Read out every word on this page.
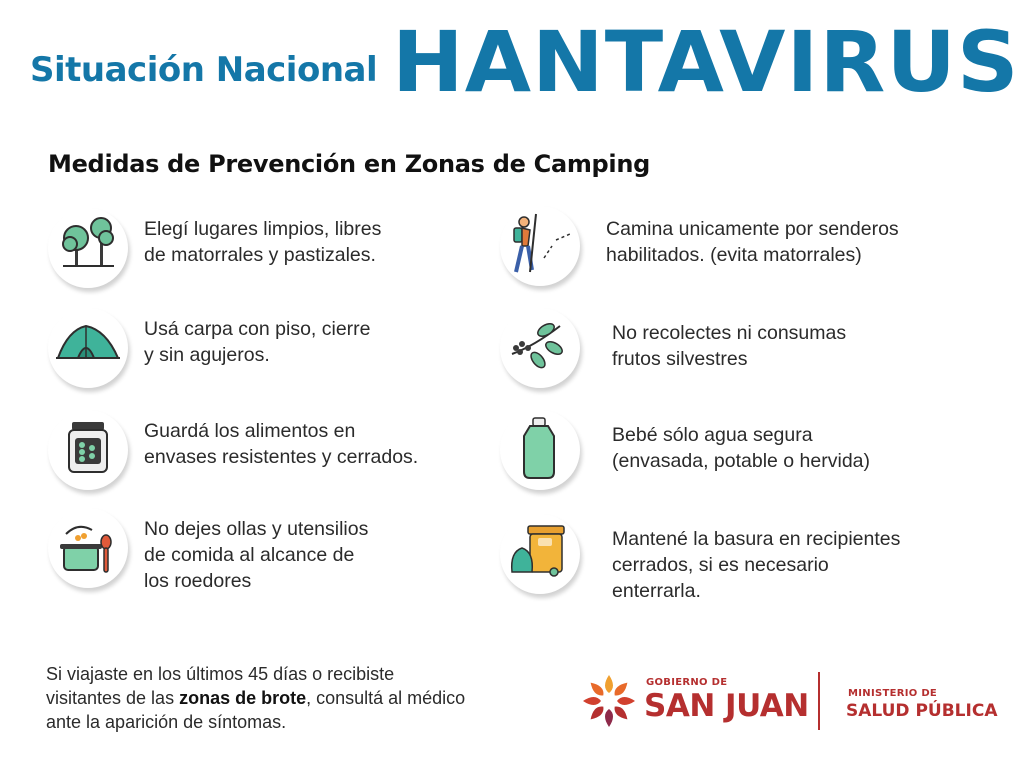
Situación Nacional HANTAVIRUS
Medidas de Prevención en Zonas de Camping
Elegí lugares limpios, libres
de matorrales y pastizales.
Usá carpa con piso, cierre
y sin agujeros.
Guardá los alimentos en
envases resistentes y cerrados.
No dejes ollas y utensilios
de comida al alcance de
los roedores
Camina unicamente por senderos
habilitados. (evita matorrales)
No recolectes ni consumas
frutos silvestres
Bebé sólo agua segura
(envasada, potable o hervida)
Mantené la basura en recipientes
cerrados, si es necesario
enterrarla.
Si viajaste en los últimos 45 días o recibiste visitantes de las zonas de brote, consultá al médico ante la aparición de síntomas.
GOBIERNO DE
SAN JUAN	MINISTERIO DE
SALUD PÚBLICA
